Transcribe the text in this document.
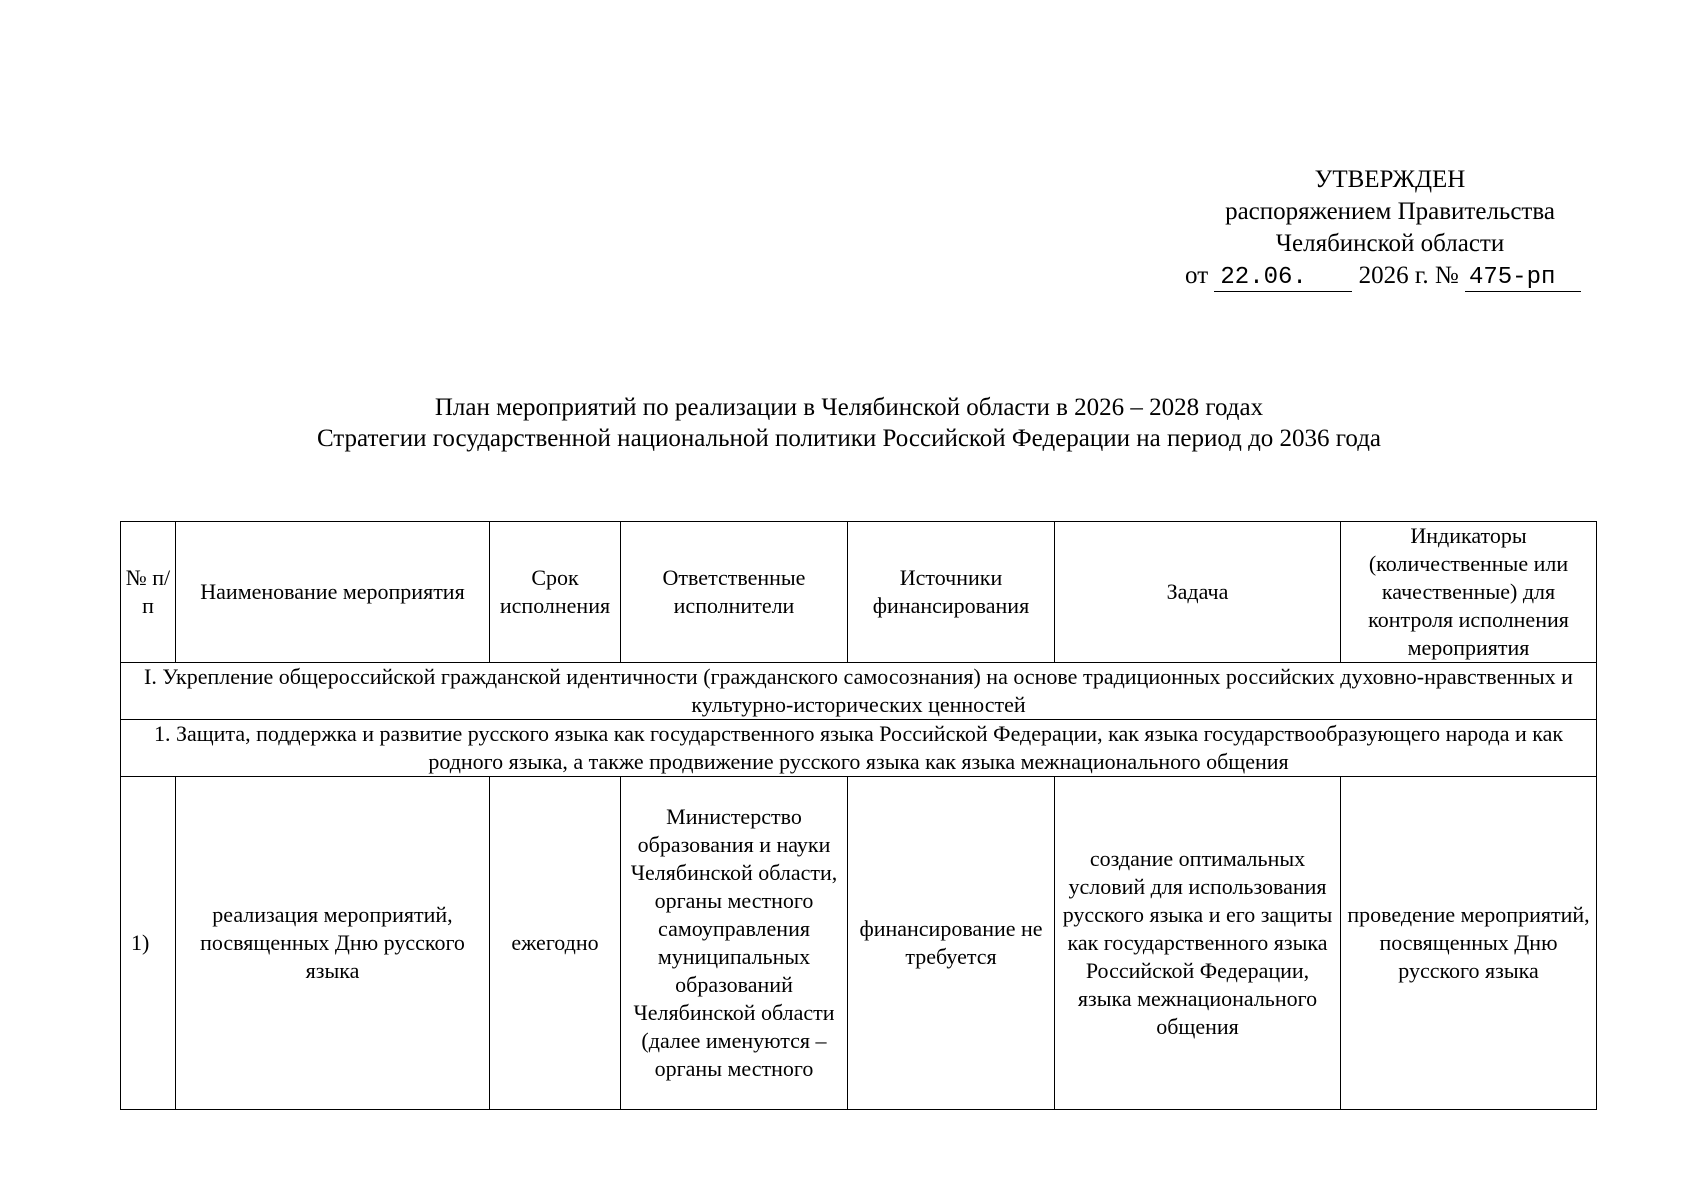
УТВЕРЖДЕН
распоряжением Правительства
Челябинской области
от 22.06. 2026 г. № 475-рп
План мероприятий по реализации в Челябинской области в 2026 – 2028 годах
Стратегии государственной национальной политики Российской Федерации на период до 2036 года
№ п/п	Наименование мероприятия	Срок исполнения	Ответственные исполнители	Источники финансирования	Задача	Индикаторы (количественные или качественные) для контроля исполнения мероприятия
I. Укрепление общероссийской гражданской идентичности (гражданского самосознания) на основе традиционных российских духовно-нравственных и культурно-исторических ценностей						
1. Защита, поддержка и развитие русского языка как государственного языка Российской Федерации, как языка государствообразующего народа и как родного языка, а также продвижение русского языка как языка межнационального общения						
1)	реализация мероприятий, посвященных Дню русского языка	ежегодно	Министерство образования и науки Челябинской области, органы местного самоуправления муниципальных образований Челябинской области (далее именуются – органы местного	финансирование не требуется	создание оптимальных условий для использования русского языка и его защиты как государственного языка Российской Федерации, языка межнационального общения	проведение мероприятий, посвященных Дню русского языка
